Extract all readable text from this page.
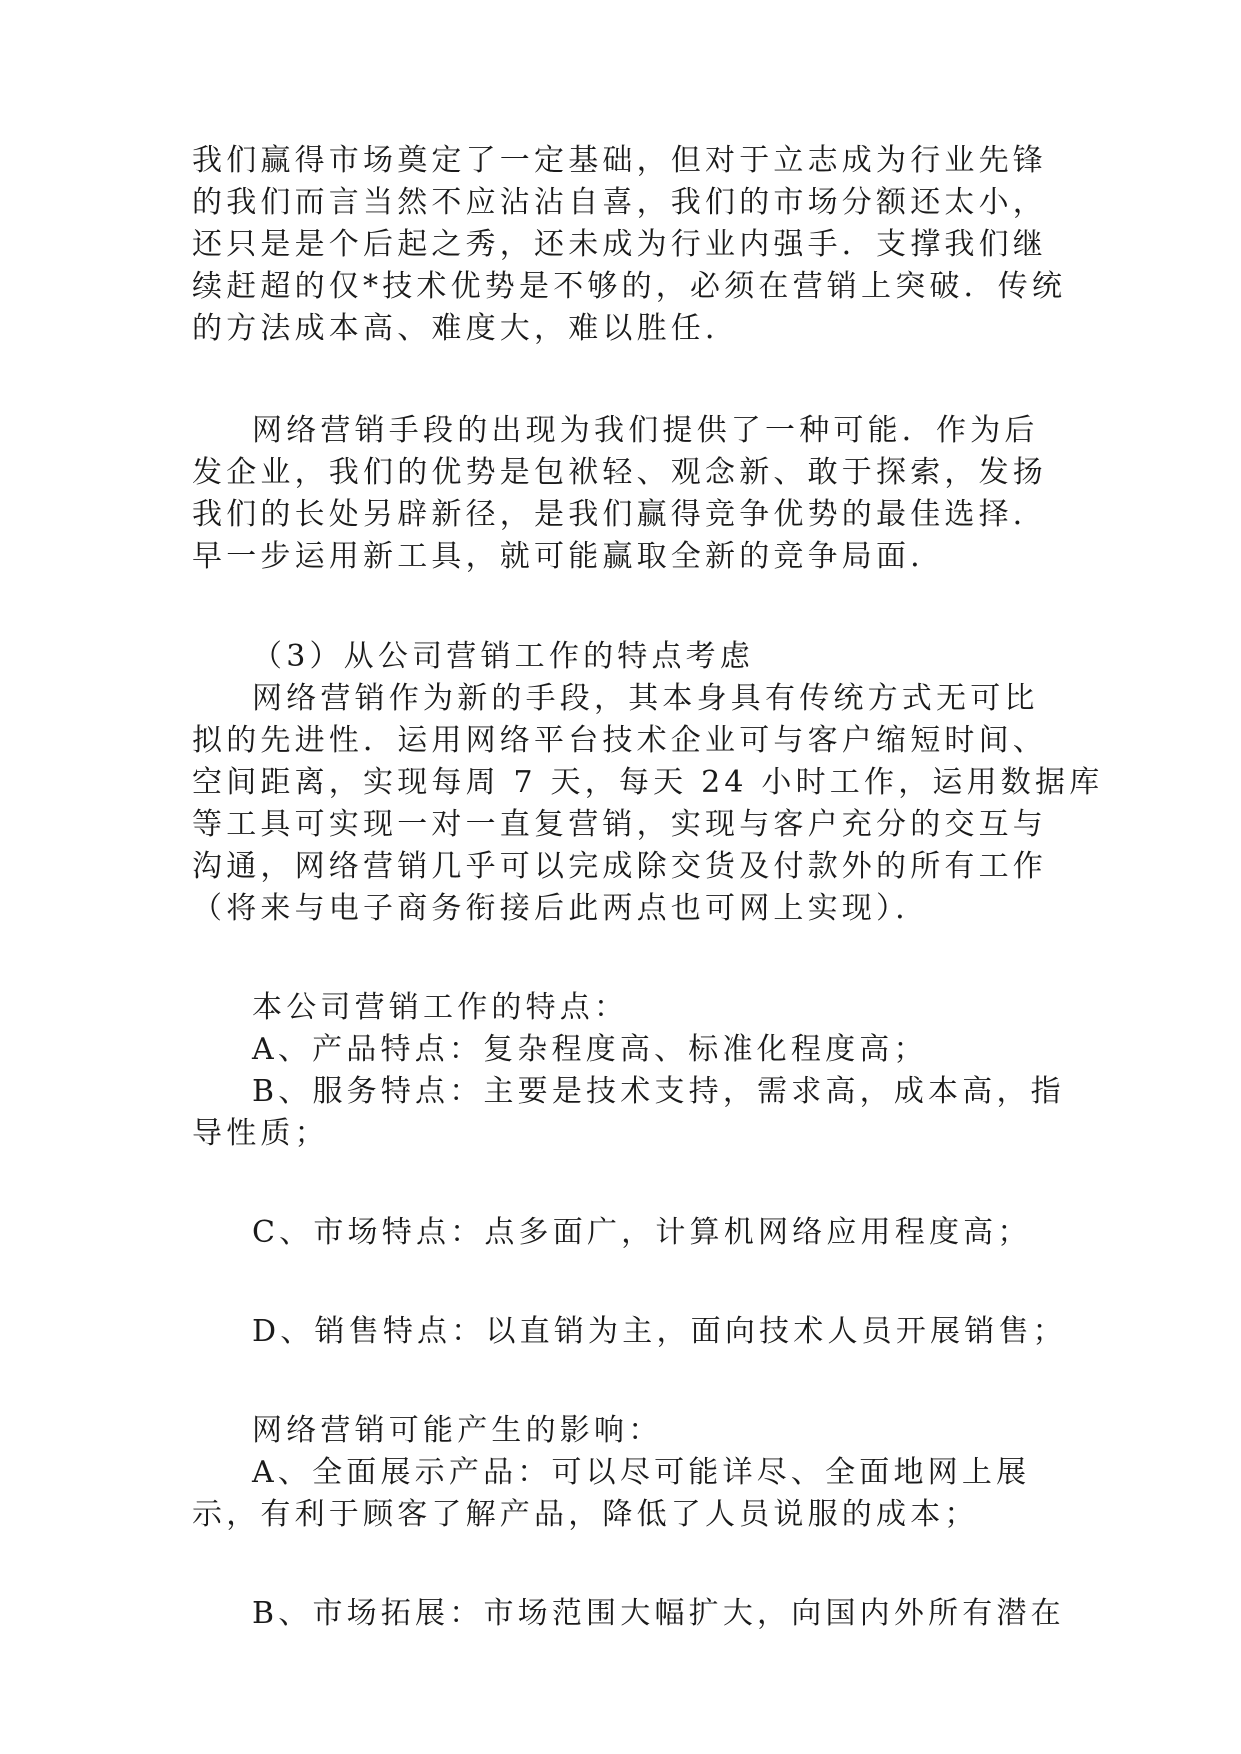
我们赢得市场奠定了一定基础，但对于立志成为行业先锋
的我们而言当然不应沾沾自喜，我们的市场分额还太小，
还只是是个后起之秀，还未成为行业内强手．支撑我们继
续赶超的仅*技术优势是不够的，必须在营销上突破．传统
的方法成本高、难度大，难以胜任．
网络营销手段的出现为我们提供了一种可能．作为后
发企业，我们的优势是包袱轻、观念新、敢于探索，发扬
我们的长处另辟新径，是我们赢得竞争优势的最佳选择．
早一步运用新工具，就可能赢取全新的竞争局面．
（3）从公司营销工作的特点考虑
网络营销作为新的手段，其本身具有传统方式无可比
拟的先进性．运用网络平台技术企业可与客户缩短时间、
空间距离，实现每周 7 天，每天 24 小时工作，运用数据库
等工具可实现一对一直复营销，实现与客户充分的交互与
沟通，网络营销几乎可以完成除交货及付款外的所有工作
（将来与电子商务衔接后此两点也可网上实现）．
本公司营销工作的特点：
A、产品特点：复杂程度高、标准化程度高；
B、服务特点：主要是技术支持，需求高，成本高，指
导性质；
C、市场特点：点多面广，计算机网络应用程度高；
D、销售特点：以直销为主，面向技术人员开展销售；
网络营销可能产生的影响：
A、全面展示产品：可以尽可能详尽、全面地网上展
示，有利于顾客了解产品，降低了人员说服的成本；
B、市场拓展：市场范围大幅扩大，向国内外所有潜在
